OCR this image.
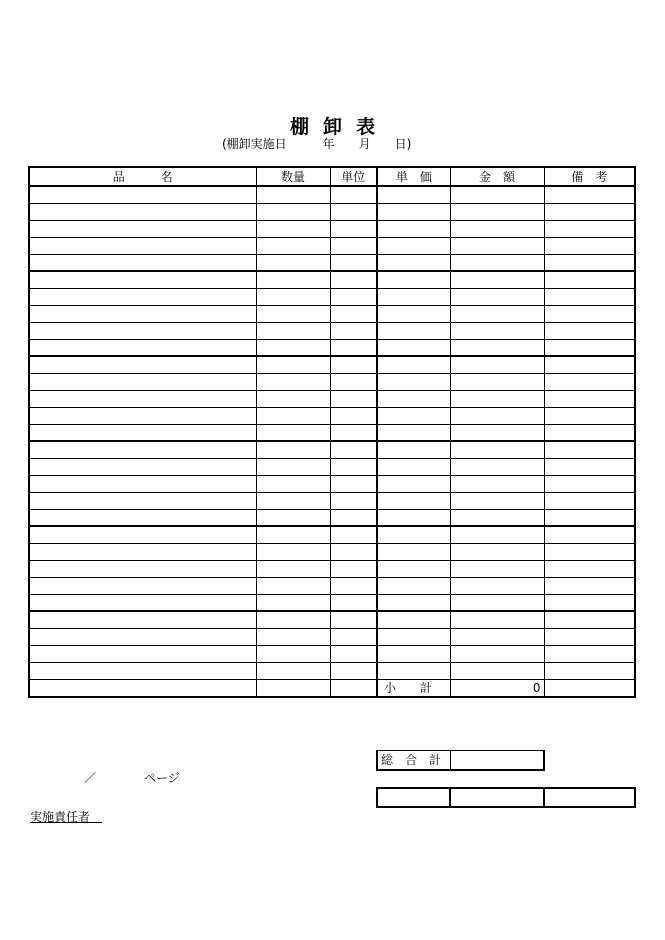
棚卸表
(棚卸実施日　　　年　　月　　日)
品　　　名	数量	単位	単　価	金　額	備　考

			小　　計	0	
総　合　計	
／　　　　ページ

実施責任者　
